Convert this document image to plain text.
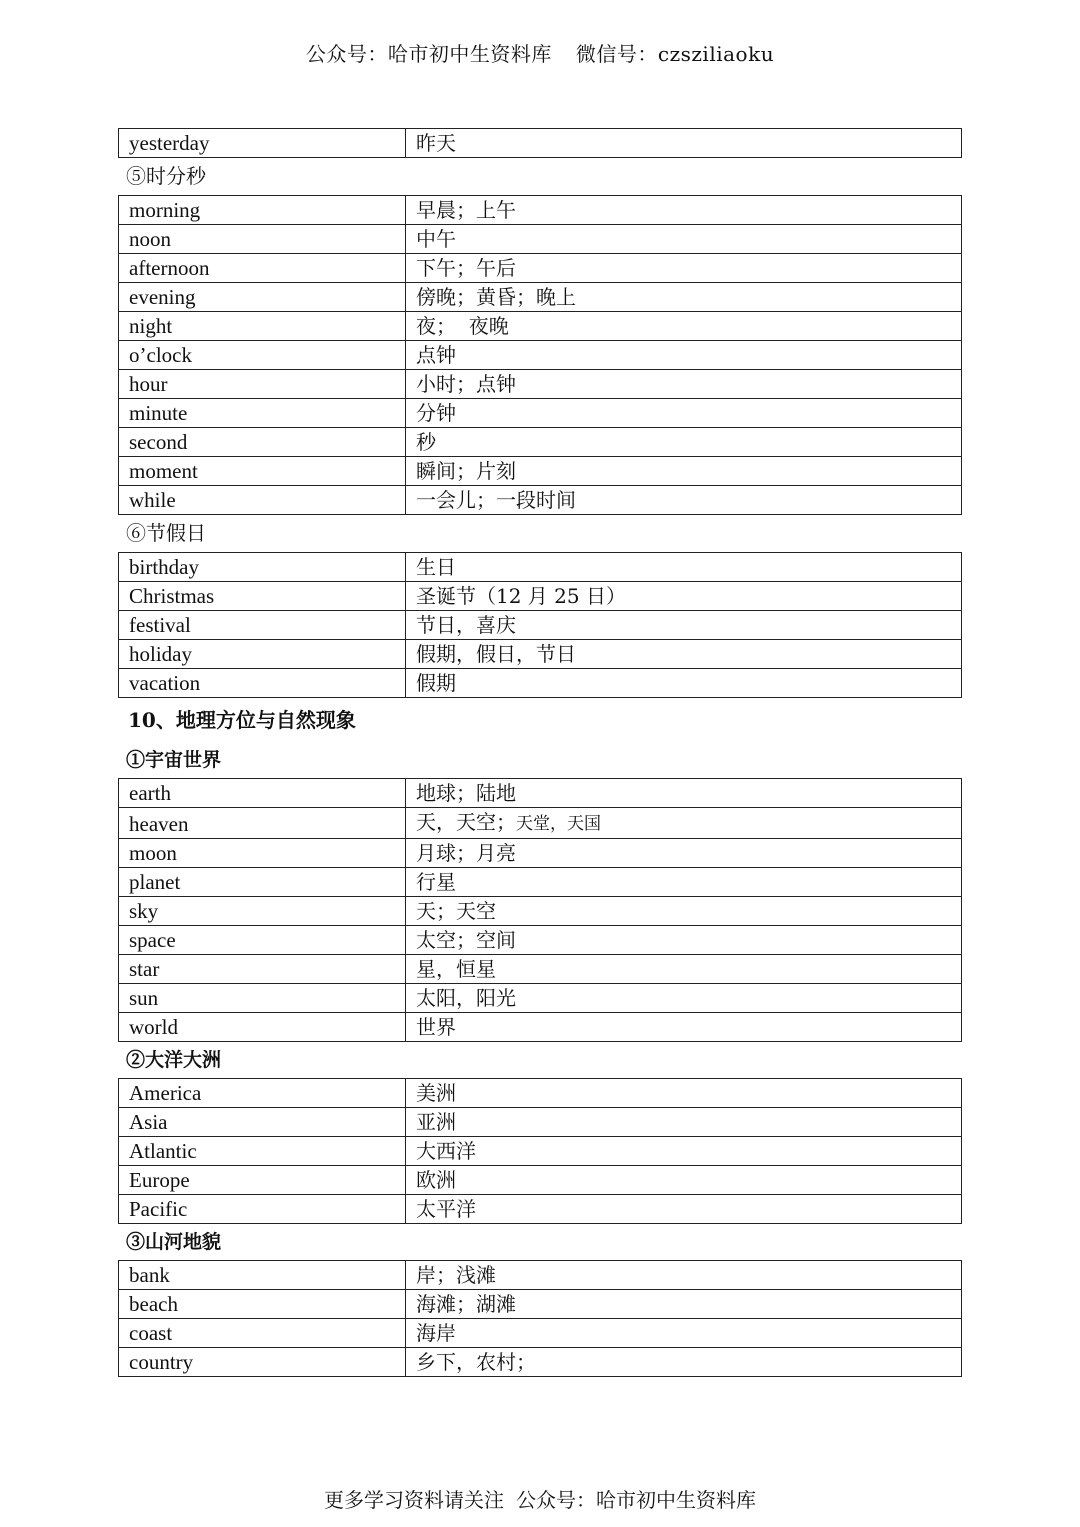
公众号：哈市初中生资料库 微信号：czsziliaoku
yesterday	昨天
⑤时分秒
morning	早晨；上午
noon	中午
afternoon	下午；午后
evening	傍晚；黄昏；晚上
night	夜；  夜晚
o’clock	点钟
hour	小时；点钟
minute	分钟
second	秒
moment	瞬间；片刻
while	一会儿；一段时间
⑥节假日
birthday	生日
Christmas	圣诞节（12 月 25 日）
festival	节日，喜庆
holiday	假期，假日，节日
vacation	假期
10、地理方位与自然现象
①宇宙世界
earth	地球；陆地
heaven	天，天空；天堂，天国
moon	月球；月亮
planet	行星
sky	天；天空
space	太空；空间
star	星，恒星
sun	太阳，阳光
world	世界
②大洋大洲
America	美洲
Asia	亚洲
Atlantic	大西洋
Europe	欧洲
Pacific	太平洋
③山河地貌
bank	岸；浅滩
beach	海滩；湖滩
coast	海岸
country	乡下，农村；
更多学习资料请关注 公众号：哈市初中生资料库
